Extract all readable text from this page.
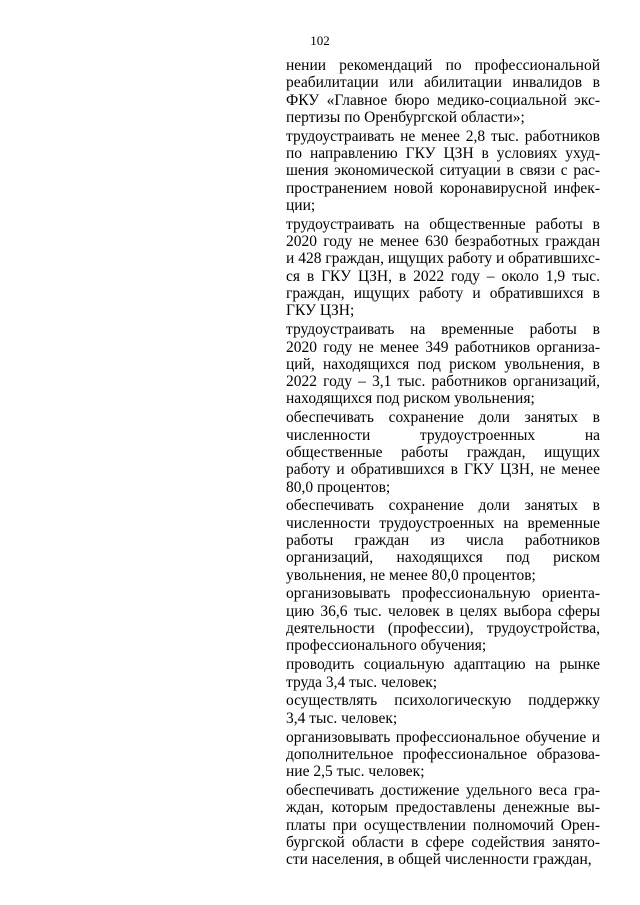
102
нении рекомендаций по профессиональной
реабилитации или абилитации инвалидов в
ФКУ «Главное бюро медико-социальной экс-
пертизы по Оренбургской области»;
трудоустраивать не менее 2,8 тыс. работников
по направлению ГКУ ЦЗН в условиях ухуд-
шения экономической ситуации в связи с рас-
пространением новой коронавирусной инфек-
ции;
трудоустраивать на общественные работы в
2020 году не менее 630 безработных граждан
и 428 граждан, ищущих работу и обратившихс-
ся в ГКУ ЦЗН, в 2022 году – около 1,9 тыс.
граждан, ищущих работу и обратившихся в
ГКУ ЦЗН;
трудоустраивать на временные работы в
2020 году не менее 349 работников организа-
ций, находящихся под риском увольнения, в
2022 году – 3,1 тыс. работников организаций,
находящихся под риском увольнения;
обеспечивать сохранение доли занятых в
численности трудоустроенных на
общественные работы граждан, ищущих
работу и обратившихся в ГКУ ЦЗН, не менее
80,0 процентов;
обеспечивать сохранение доли занятых в
численности трудоустроенных на временные
работы граждан из числа работников
организаций, находящихся под риском
увольнения, не менее 80,0 процентов;
организовывать профессиональную ориента-
цию 36,6 тыс. человек в целях выбора сферы
деятельности (профессии), трудоустройства,
профессионального обучения;
проводить социальную адаптацию на рынке
труда 3,4 тыс. человек;
осуществлять психологическую поддержку
3,4 тыс. человек;
организовывать профессиональное обучение и
дополнительное профессиональное образова-
ние 2,5 тыс. человек;
обеспечивать достижение удельного веса гра-
ждан, которым предоставлены денежные вы-
платы при осуществлении полномочий Орен-
бургской области в сфере содействия занято-
сти населения, в общей численности граждан,
